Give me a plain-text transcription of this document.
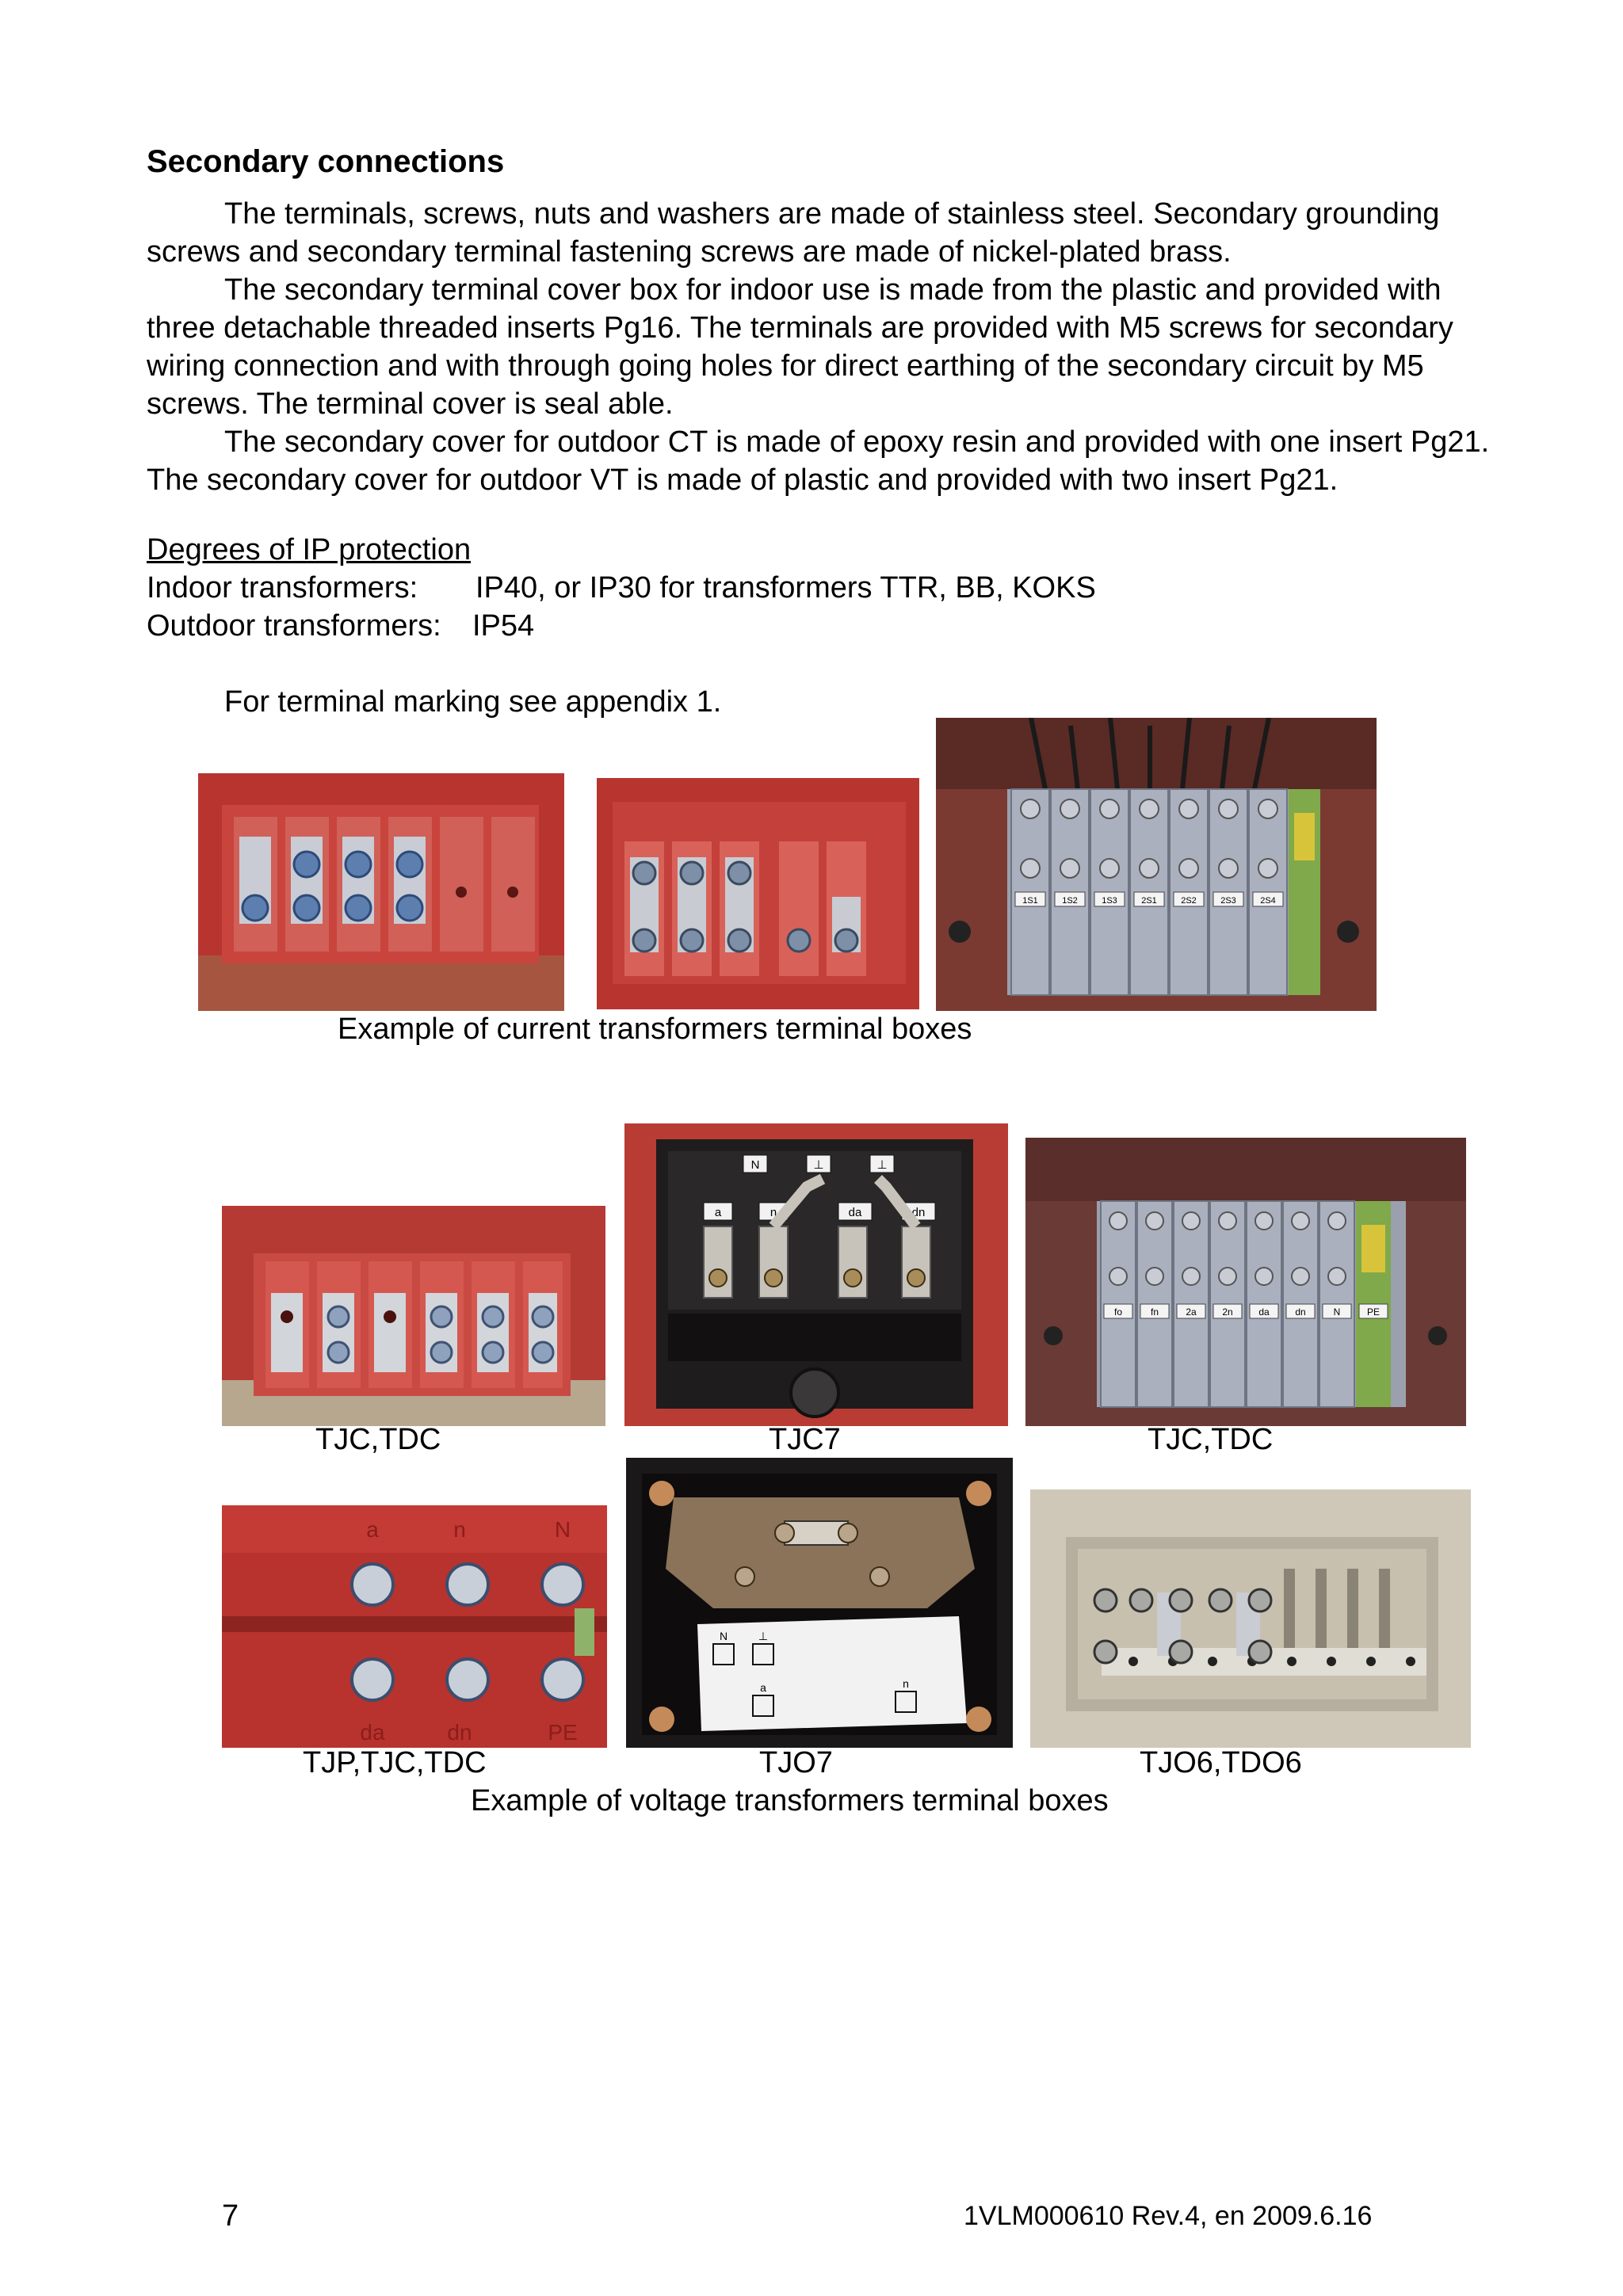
Secondary connections
The terminals, screws, nuts and washers are made of stainless steel. Secondary grounding screws and secondary terminal fastening screws are made of nickel-plated brass.
The secondary terminal cover box for indoor use is made from the plastic and provided with three detachable threaded inserts Pg16. The terminals are provided with M5 screws for secondary wiring connection and with through going holes for direct earthing of the secondary circuit by M5 screws. The terminal cover is seal able.
The secondary cover for outdoor CT is made of epoxy resin and provided with one insert Pg21. The secondary cover for outdoor VT is made of plastic and provided with two insert Pg21.
Degrees of IP protection
Indoor transformers: IP40, or IP30 for transformers TTR, BB, KOKS
Outdoor transformers: IP54
For terminal marking see appendix 1.
1S1	1S2	1S3	2S1	2S2	2S3	2S4
Example of current transformers terminal boxes
N	⊥	⊥
a	n	da	dn
fo	fn	2a	2n	da	dn	N	PE
TJC,TDC	TJC7	TJC,TDC
a	n	N
da	dn	PE
N	⊥
a	n
TJP,TJC,TDC	TJO7	TJO6,TDO6
Example of voltage transformers terminal boxes
7	1VLM000610 Rev.4, en 2009.6.16
